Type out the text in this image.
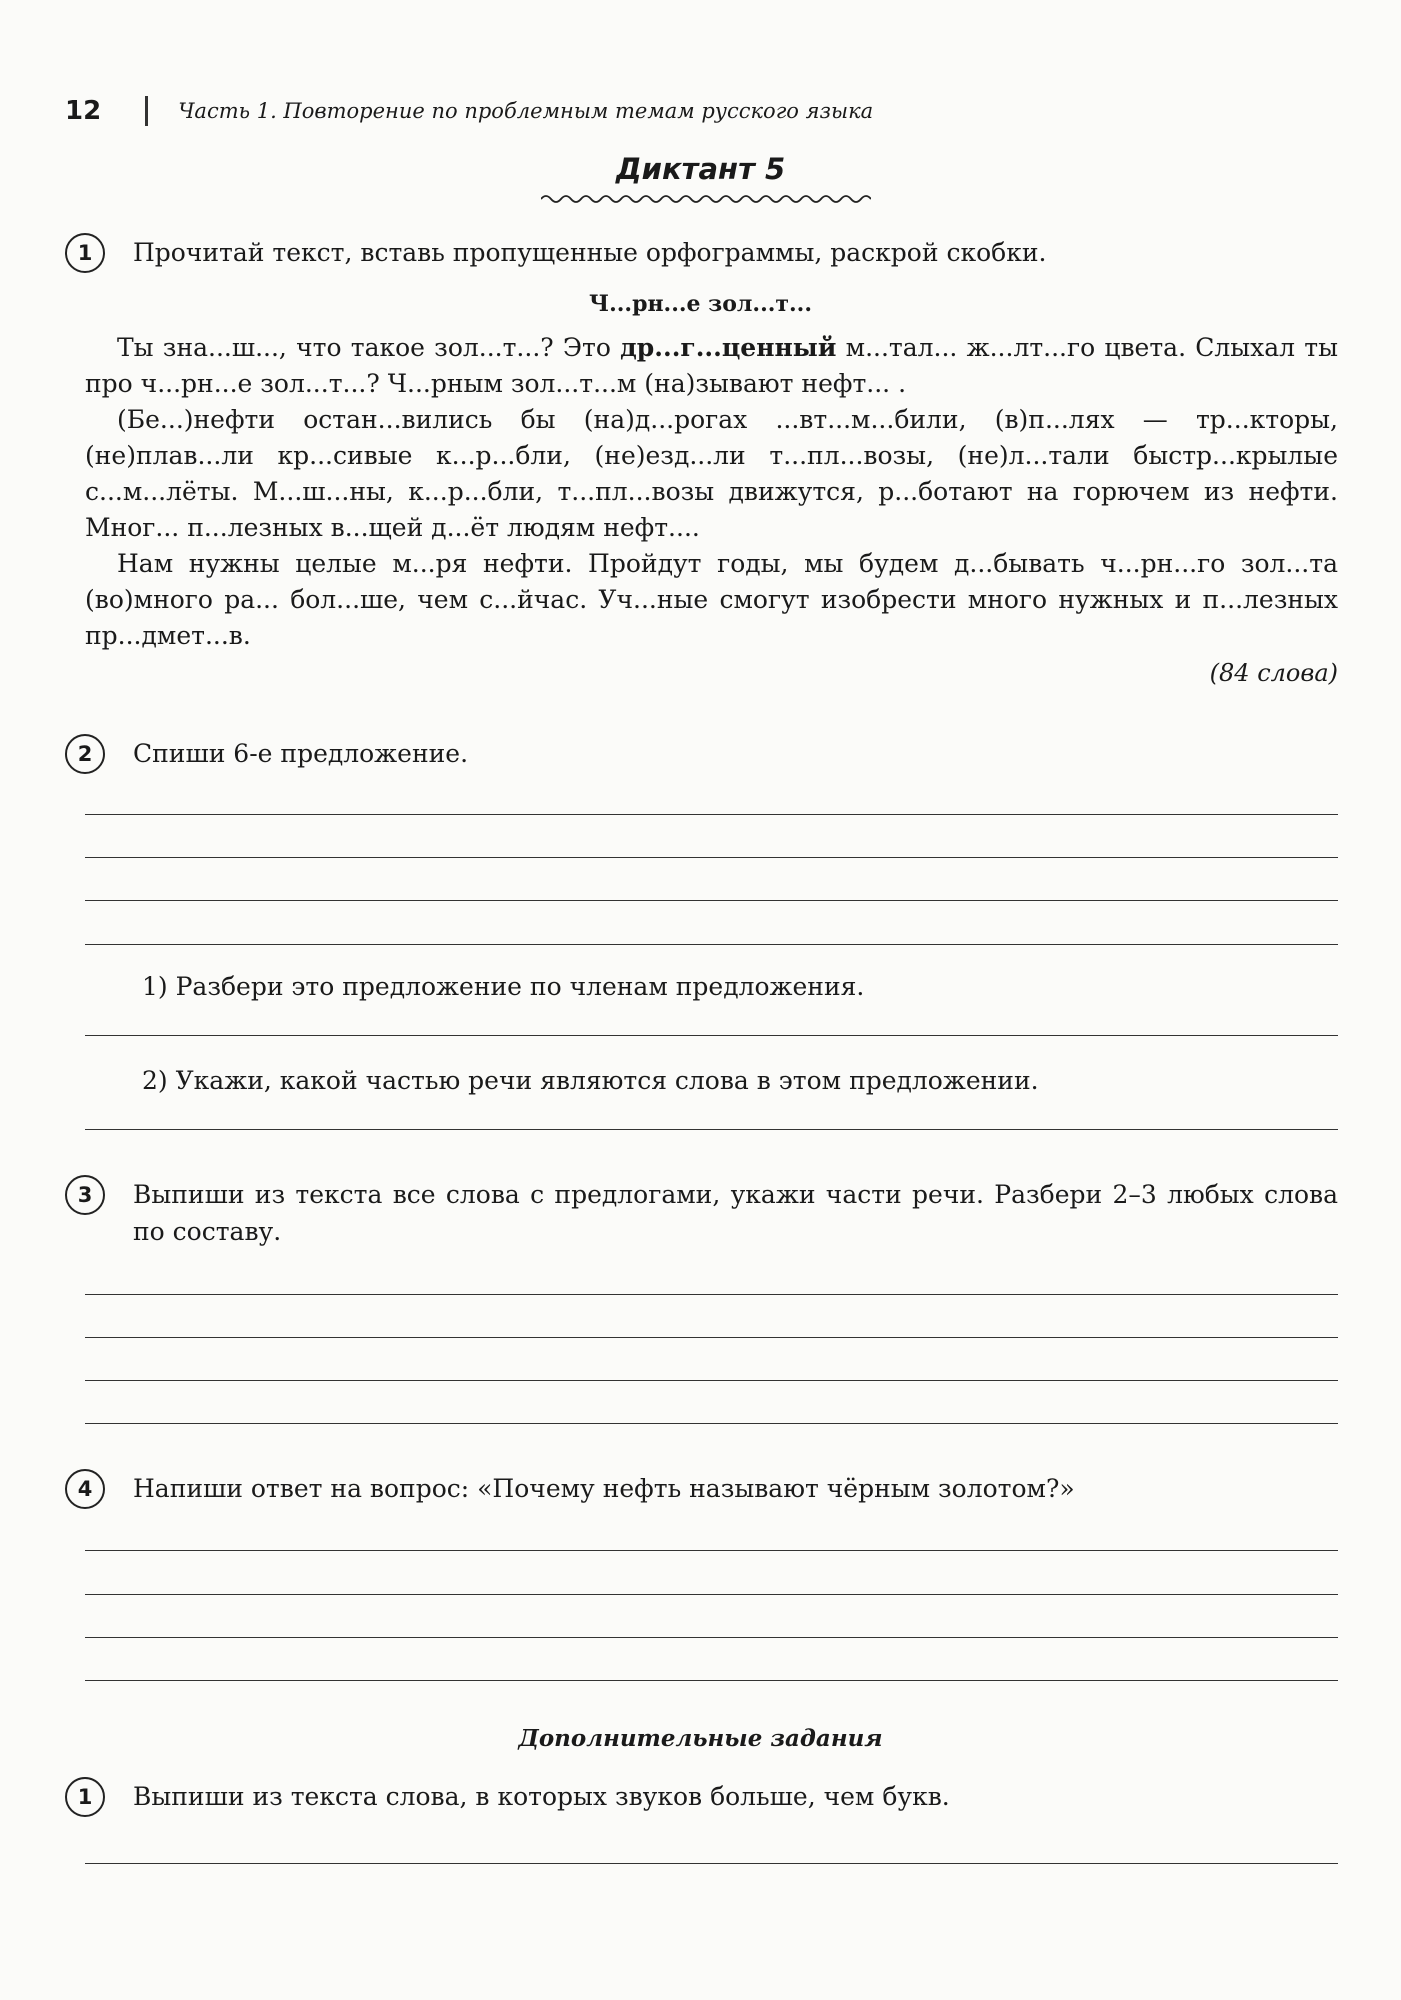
12	Часть 1. Повторение по проблемным темам русского языка
Диктант 5
1	Прочитай текст, вставь пропущенные орфограммы, раскрой скобки.
Ч...рн...е зол...т...

Ты зна...ш..., что такое зол...т...? Это др...г...ценный м...тал... ж...лт...го цвета. Слыхал ты про ч...рн...е зол...т...? Ч...рным зол...т...м (на)зывают нефт... .

(Бе...)нефти остан...вились бы (на)д...рогах ...вт...м...били, (в)п...лях — тр...кторы, (не)плав...ли кр...сивые к...р...бли, (не)езд...ли т...пл...возы, (не)л...тали быстр...крылые с...м...лёты. М...ш...ны, к...р...бли, т...пл...возы движутся, р...ботают на горючем из нефти. Мног... п...лезных в...щей д...ёт людям нефт....

Нам нужны целые м...ря нефти. Пройдут годы, мы будем д...бывать ч...рн...го зол...та (во)много ра... бол...ше, чем с...йчас. Уч...ные смогут изобрести много нужных и п...лезных пр...дмет...в.

(84 слова)
2	Спиши 6-е предложение.
1) Разбери это предложение по членам предложения.
2) Укажи, какой частью речи являются слова в этом предложении.
3	Выпиши из текста все слова с предлогами, укажи части речи. Разбери 2–3 любых слова по составу.
4	Напиши ответ на вопрос: «Почему нефть называют чёрным золотом?»
Дополнительные задания
1	Выпиши из текста слова, в которых звуков больше, чем букв.
